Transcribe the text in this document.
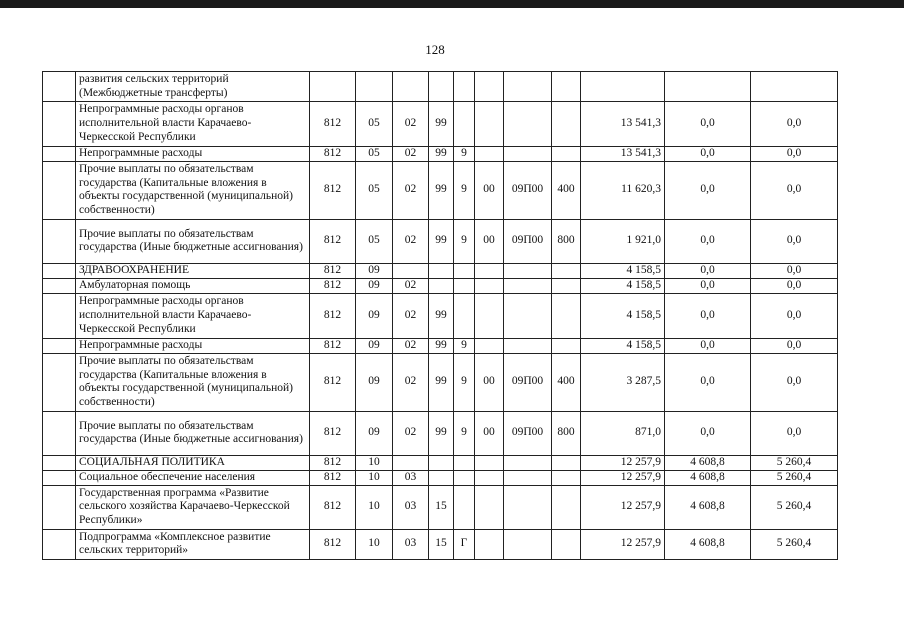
128
	развития сельских территорий (Межбюджетные трансферты)											
	Непрограммные расходы органов исполнительной власти Карачаево-Черкесской Республики	812	05	02	99					13 541,3	0,0	0,0
	Непрограммные расходы	812	05	02	99	9				13 541,3	0,0	0,0
	Прочие выплаты по обязательствам государства (Капитальные вложения в объекты государственной (муниципальной) собственности)	812	05	02	99	9	00	09П00	400	11 620,3	0,0	0,0
	Прочие выплаты по обязательствам государства (Иные бюджетные ассигнования)	812	05	02	99	9	00	09П00	800	1 921,0	0,0	0,0
	ЗДРАВООХРАНЕНИЕ	812	09							4 158,5	0,0	0,0
	Амбулаторная помощь	812	09	02						4 158,5	0,0	0,0
	Непрограммные расходы органов исполнительной власти Карачаево-Черкесской Республики	812	09	02	99					4 158,5	0,0	0,0
	Непрограммные расходы	812	09	02	99	9				4 158,5	0,0	0,0
	Прочие выплаты по обязательствам государства (Капитальные вложения в объекты государственной (муниципальной) собственности)	812	09	02	99	9	00	09П00	400	3 287,5	0,0	0,0
	Прочие выплаты по обязательствам государства (Иные бюджетные ассигнования)	812	09	02	99	9	00	09П00	800	871,0	0,0	0,0
	СОЦИАЛЬНАЯ ПОЛИТИКА	812	10							12 257,9	4 608,8	5 260,4
	Социальное обеспечение населения	812	10	03						12 257,9	4 608,8	5 260,4
	Государственная программа «Развитие сельского хозяйства Карачаево-Черкесской Республики»	812	10	03	15					12 257,9	4 608,8	5 260,4
	Подпрограмма «Комплексное развитие сельских территорий»	812	10	03	15	Г				12 257,9	4 608,8	5 260,4
